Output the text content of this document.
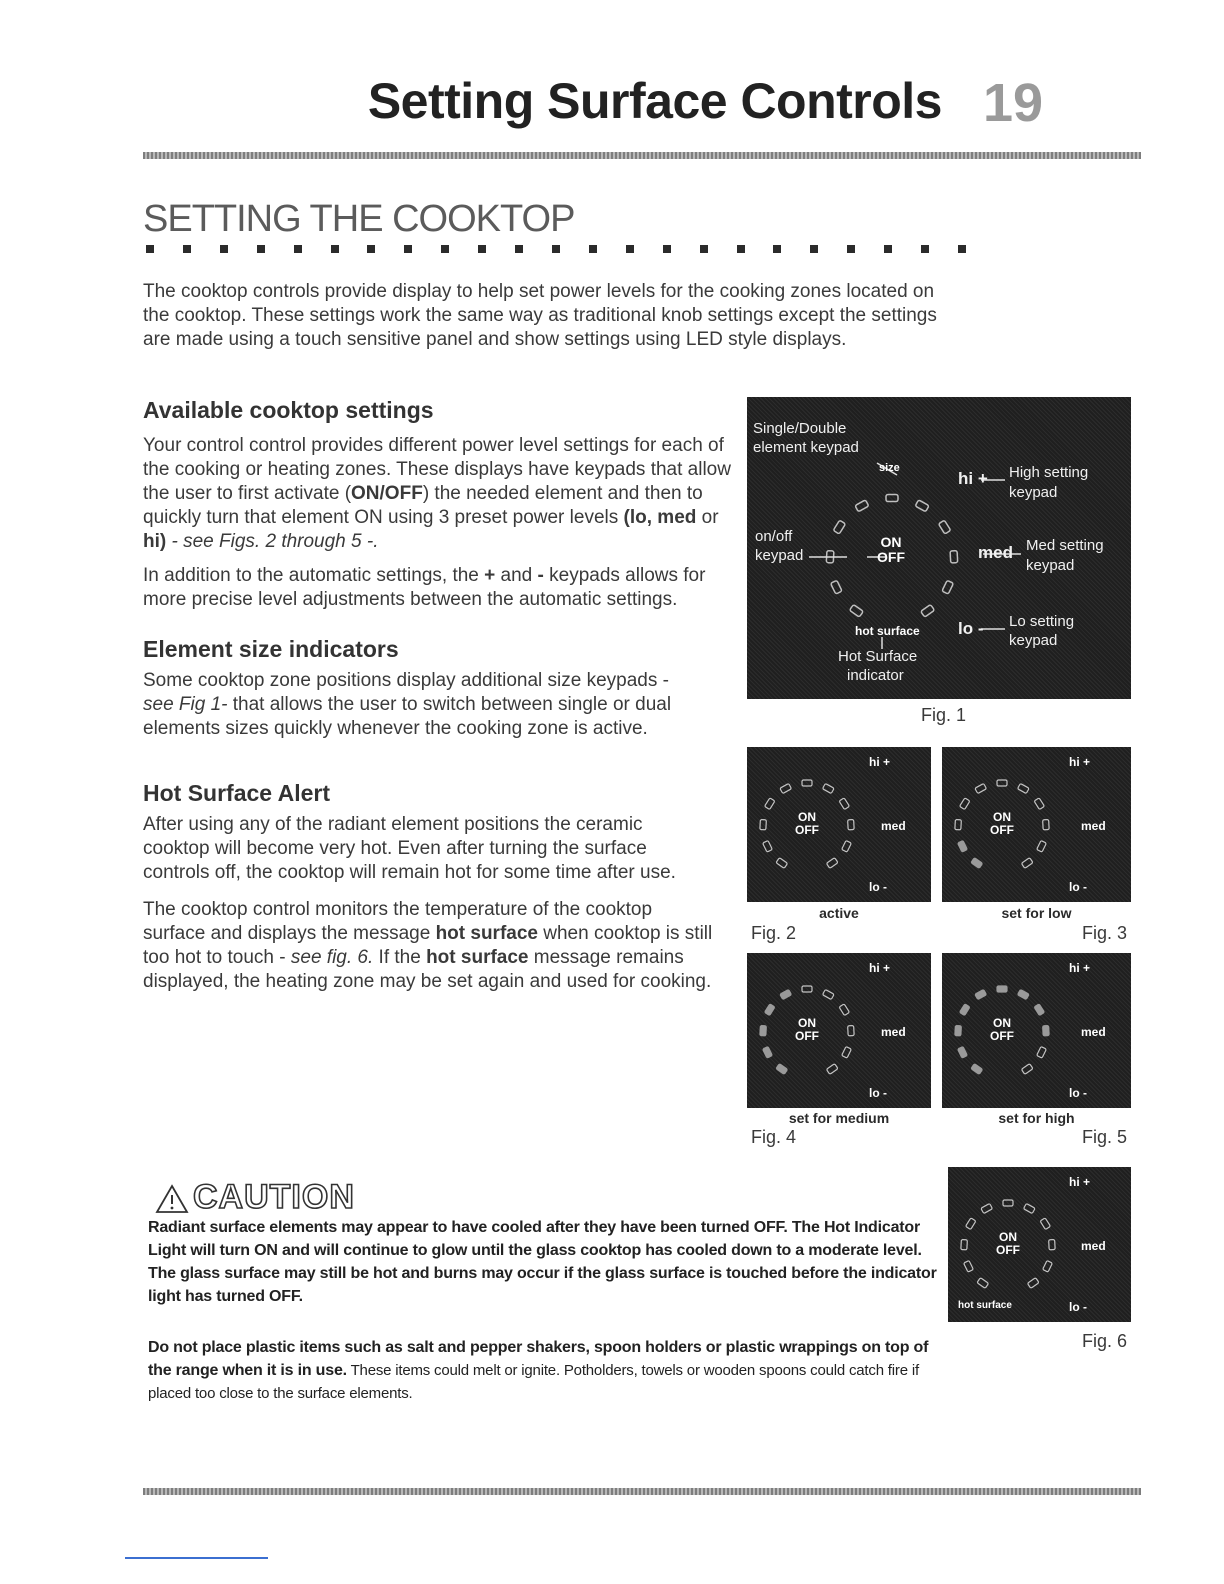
Setting Surface Controls 19
SETTING THE COOKTOP
The cooktop controls provide display to help set power levels for the cooking zones located on the cooktop. These settings work the same way as traditional knob settings except the settings are made using a touch sensitive panel and show settings using LED style displays.
Available cooktop settings
Your control control provides different power level settings for each of the cooking or heating zones. These displays have keypads that allow the user to first activate (ON/OFF) the needed element and then to quickly turn that element ON using 3 preset power levels (lo, med or hi) - see Figs. 2 through 5 -.
In addition to the automatic settings, the + and - keypads allows for more precise level adjustments between the automatic settings.
Element size indicators
Some cooktop zone positions display additional size keypads - see Fig 1- that allows the user to switch between single or dual elements sizes quickly whenever the cooking zone is active.
Hot Surface Alert
After using any of the radiant element positions the ceramic cooktop will become very hot. Even after turning the surface controls off, the cooktop will remain hot for some time after use.
The cooktop control monitors the temperature of the cooktop surface and displays the message hot surface when cooktop is still too hot to touch - see fig. 6. If the hot surface message remains displayed, the heating zone may be set again and used for cooking.
Single/Double
element keypad
size
hi + High setting
keypad
on/off
keypad
ON
OFF	med Med setting
keypad
lo - Lo setting
keypad
hot surface
Hot Surface
indicator
Fig. 1
hi +
med
lo -
ON
OFF
hi +
med
lo -
ON
OFF
hi +
med
lo -
ON
OFF
hi +
med
lo -
ON
OFF
active	set for low
Fig. 2	Fig. 3
set for medium	set for high
Fig. 4	Fig. 5
hi +
med
lo -
ON
OFF
hot surface
Fig. 6
CAUTION
Radiant surface elements may appear to have cooled after they have been turned OFF. The Hot Indicator Light will turn ON and will continue to glow until the glass cooktop has cooled down to a moderate level. The glass surface may still be hot and burns may occur if the glass surface is touched before the indicator light has turned OFF.
Do not place plastic items such as salt and pepper shakers, spoon holders or plastic wrappings on top of the range when it is in use. These items could melt or ignite. Potholders, towels or wooden spoons could catch fire if placed too close to the surface elements.
